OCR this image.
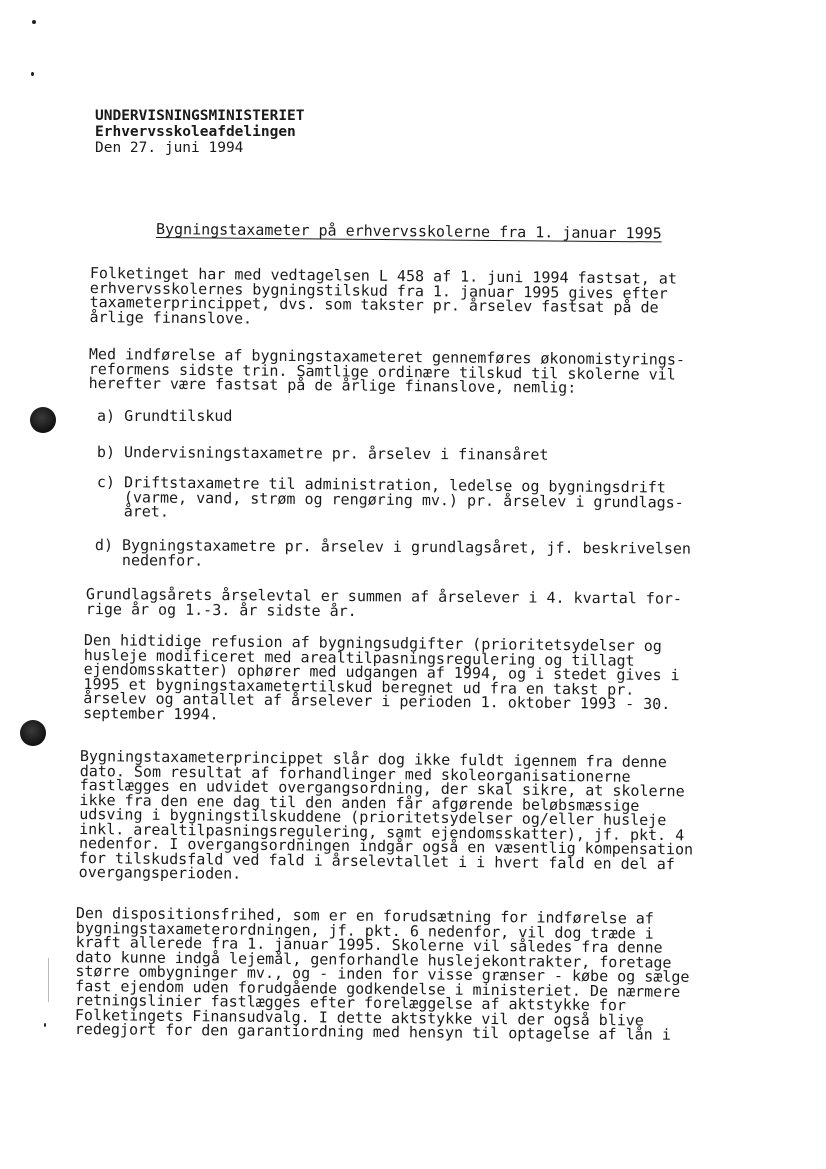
UNDERVISNINGSMINISTERIET
Erhvervsskoleafdelingen
Den 27. juni 1994
Bygningstaxameter på erhvervsskolerne fra 1. januar 1995
Folketinget har med vedtagelsen L 458 af 1. juni 1994 fastsat, at
erhvervsskolernes bygningstilskud fra 1. januar 1995 gives efter
taxameterprincippet, dvs. som takster pr. årselev fastsat på de
årlige finanslove.
Med indførelse af bygningstaxameteret gennemføres økonomistyrings-
reformens sidste trin. Samtlige ordinære tilskud til skolerne vil
herefter være fastsat på de årlige finanslove, nemlig:
a) Grundtilskud
b) Undervisningstaxametre pr. årselev i finansåret
c) Driftstaxametre til administration, ledelse og bygningsdrift
(varme, vand, strøm og rengøring mv.) pr. årselev i grundlags-
året.
d) Bygningstaxametre pr. årselev i grundlagsåret, jf. beskrivelsen
nedenfor.
Grundlagsårets årselevtal er summen af årselever i 4. kvartal for-
rige år og 1.-3. år sidste år.
Den hidtidige refusion af bygningsudgifter (prioritetsydelser og
husleje modificeret med arealtilpasningsregulering og tillagt
ejendomsskatter) ophører med udgangen af 1994, og i stedet gives i
1995 et bygningstaxametertilskud beregnet ud fra en takst pr.
årselev og antallet af årselever i perioden 1. oktober 1993 - 30.
september 1994.
Bygningstaxameterprincippet slår dog ikke fuldt igennem fra denne
dato. Som resultat af forhandlinger med skoleorganisationerne
fastlægges en udvidet overgangsordning, der skal sikre, at skolerne
ikke fra den ene dag til den anden får afgørende beløbsmæssige
udsving i bygningstilskuddene (prioritetsydelser og/eller husleje
inkl. arealtilpasningsregulering, samt ejendomsskatter), jf. pkt. 4
nedenfor. I overgangsordningen indgår også en væsentlig kompensation
for tilskudsfald ved fald i årselevtallet i i hvert fald en del af
overgangsperioden.
Den dispositionsfrihed, som er en forudsætning for indførelse af
bygningstaxameterordningen, jf. pkt. 6 nedenfor, vil dog træde i
kraft allerede fra 1. januar 1995. Skolerne vil således fra denne
dato kunne indgå lejemål, genforhandle huslejekontrakter, foretage
større ombygninger mv., og - inden for visse grænser - købe og sælge
fast ejendom uden forudgående godkendelse i ministeriet. De nærmere
retningslinier fastlægges efter forelæggelse af aktstykke for
Folketingets Finansudvalg. I dette aktstykke vil der også blive
redegjort for den garantiordning med hensyn til optagelse af lån i
